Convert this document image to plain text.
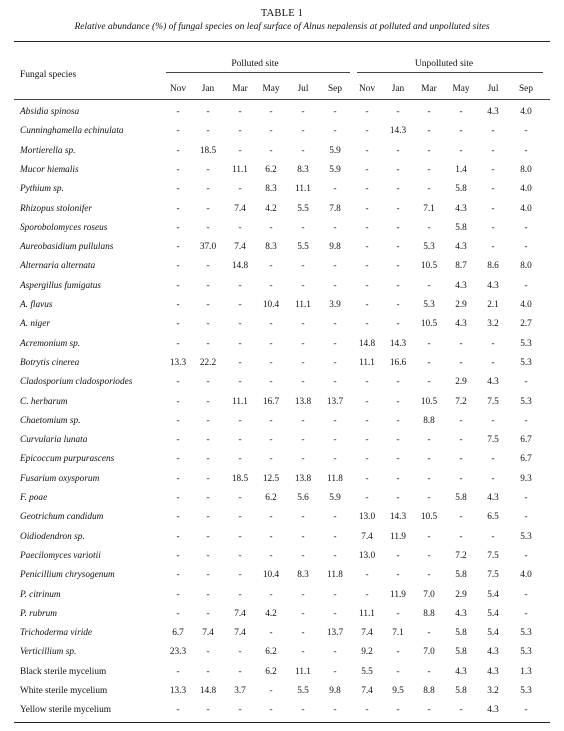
TABLE 1
Relative abundance (%) of fungal species on leaf surface of Alnus nepalensis at polluted and unpolluted sites
Fungal species
Polluted site	Unpolluted site
Nov	Jan	Mar	May	Jul	Sep	Nov	Jan	Mar	May	Jul	Sep
Absidia spinosa	-	-	-	-	-	-	-	-	-	-	4.3	4.0
Cunninghamella echinulata	-	-	-	-	-	-	-	14.3	-	-	-	-
Mortierella sp.	-	18.5	-	-	-	5.9	-	-	-	-	-	-
Mucor hiemalis	-	-	11.1	6.2	8.3	5.9	-	-	-	1.4	-	8.0
Pythium sp.	-	-	-	8.3	11.1	-	-	-	-	5.8	-	4.0
Rhizopus stolonifer	-	-	7.4	4.2	5.5	7.8	-	-	7.1	4.3	-	4.0
Sporobolomyces roseus	-	-	-	-	-	-	-	-	-	5.8	-	-
Aureobasidium pullulans	-	37.0	7.4	8.3	5.5	9.8	-	-	5.3	4.3	-	-
Alternaria alternata	-	-	14.8	-	-	-	-	-	10.5	8.7	8.6	8.0
Aspergillus fumigatus	-	-	-	-	-	-	-	-	-	4.3	4.3	-
A. flavus	-	-	-	10.4	11.1	3.9	-	-	5.3	2.9	2.1	4.0
A. niger	-	-	-	-	-	-	-	-	10.5	4.3	3.2	2.7
Acremonium sp.	-	-	-	-	-	-	14.8	14.3	-	-	-	5.3
Botrytis cinerea	13.3	22.2	-	-	-	-	11.1	16.6	-	-	-	5.3
Cladosporium cladosporiodes	-	-	-	-	-	-	-	-	-	2.9	4.3	-
C. herbarum	-	-	11.1	16.7	13.8	13.7	-	-	10.5	7.2	7.5	5.3
Chaetomium sp.	-	-	-	-	-	-	-	-	8.8	-	-	-
Curvularia lunata	-	-	-	-	-	-	-	-	-	-	7.5	6.7
Epicoccum purpurascens	-	-	-	-	-	-	-	-	-	-	-	6.7
Fusarium oxysporum	-	-	18.5	12.5	13.8	11.8	-	-	-	-	-	9.3
F. poae	-	-	-	6.2	5.6	5.9	-	-	-	5.8	4.3	-
Geotrichum candidum	-	-	-	-	-	-	13.0	14.3	10.5	-	6.5	-
Oidiodendron sp.	-	-	-	-	-	-	7.4	11.9	-	-	-	5.3
Paecilomyces variotii	-	-	-	-	-	-	13.0	-	-	7.2	7.5	-
Penicillium chrysogenum	-	-	-	10.4	8.3	11.8	-	-	-	5.8	7.5	4.0
P. citrinum	-	-	-	-	-	-	-	11.9	7.0	2.9	5.4	-
P. rubrum	-	-	7.4	4.2	-	-	11.1	-	8.8	4.3	5.4	-
Trichoderma viride	6.7	7.4	7.4	-	-	13.7	7.4	7.1	-	5.8	5.4	5.3
Verticillium sp.	23.3	-	-	6.2	-	-	9.2	-	7.0	5.8	4.3	5.3
Black sterile mycelium	-	-	-	6.2	11.1	-	5.5	-	-	4.3	4.3	1.3
White sterile mycelium	13.3	14.8	3.7	-	5.5	9.8	7.4	9.5	8.8	5.8	3.2	5.3
Yellow sterile mycelium	-	-	-	-	-	-	-	-	-	-	4.3	-
